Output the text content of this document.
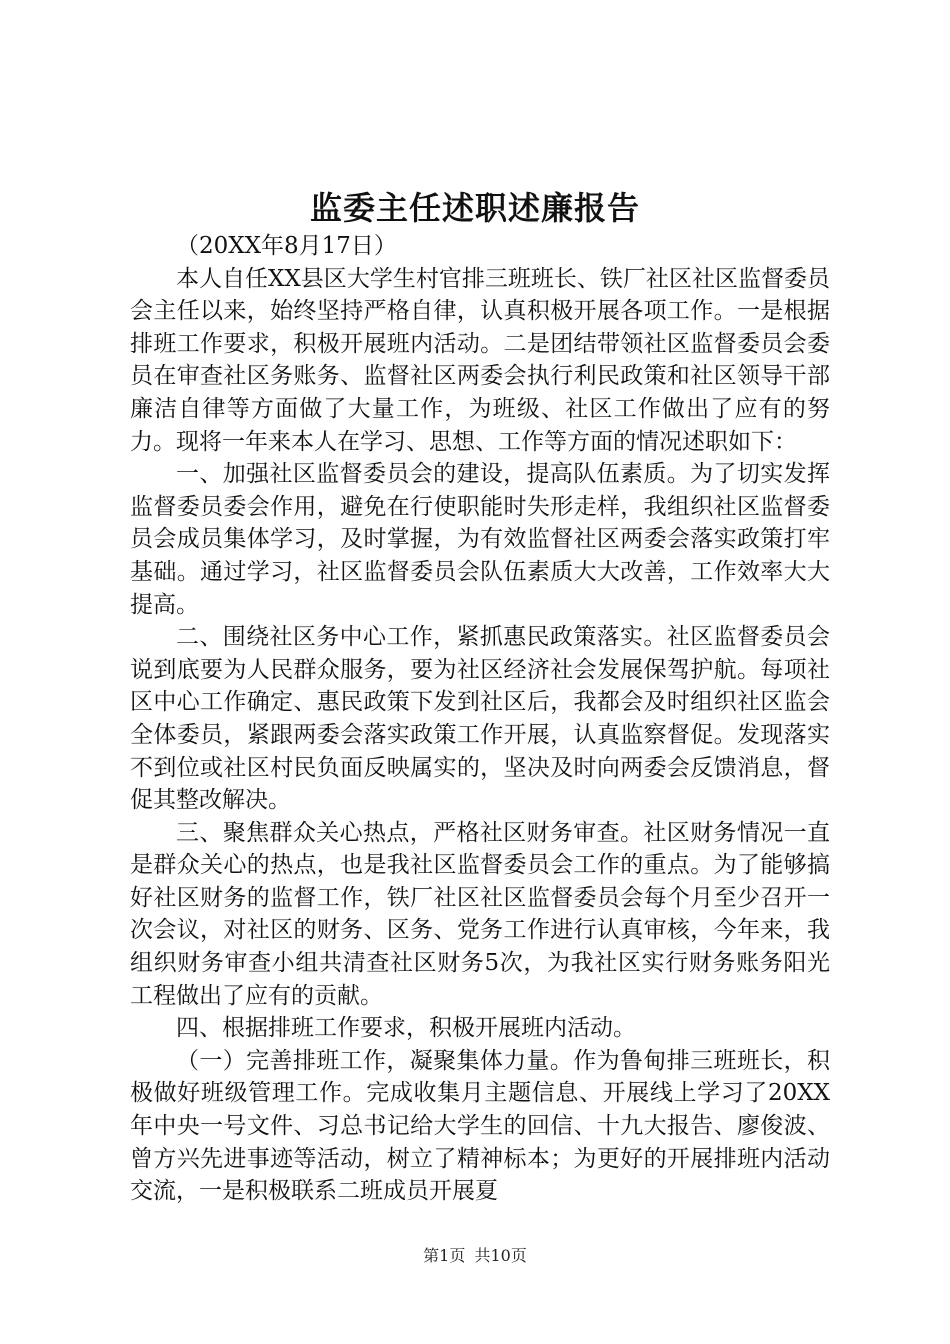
监委主任述职述廉报告

（20XX年8月17日）

本人自任XX县区大学生村官排三班班长、铁厂社区社区监督委员会主任以来，始终坚持严格自律，认真积极开展各项工作。一是根据排班工作要求，积极开展班内活动。二是团结带领社区监督委员会委员在审查社区务账务、监督社区两委会执行利民政策和社区领导干部廉洁自律等方面做了大量工作，为班级、社区工作做出了应有的努力。现将一年来本人在学习、思想、工作等方面的情况述职如下：

一、加强社区监督委员会的建设，提高队伍素质。为了切实发挥监督委员委会作用，避免在行使职能时失形走样，我组织社区监督委员会成员集体学习，及时掌握，为有效监督社区两委会落实政策打牢基础。通过学习，社区监督委员会队伍素质大大改善，工作效率大大提高。

二、围绕社区务中心工作，紧抓惠民政策落实。社区监督委员会说到底要为人民群众服务，要为社区经济社会发展保驾护航。每项社区中心工作确定、惠民政策下发到社区后，我都会及时组织社区监会全体委员，紧跟两委会落实政策工作开展，认真监察督促。发现落实不到位或社区村民负面反映属实的，坚决及时向两委会反馈消息，督促其整改解决。

三、聚焦群众关心热点，严格社区财务审查。社区财务情况一直是群众关心的热点，也是我社区监督委员会工作的重点。为了能够搞好社区财务的监督工作，铁厂社区社区监督委员会每个月至少召开一次会议，对社区的财务、区务、党务工作进行认真审核，今年来，我组织财务审查小组共清查社区财务5次，为我社区实行财务账务阳光工程做出了应有的贡献。

四、根据排班工作要求，积极开展班内活动。

（一）完善排班工作，凝聚集体力量。作为鲁甸排三班班长，积极做好班级管理工作。完成收集月主题信息、开展线上学习了20XX年中央一号文件、习总书记给大学生的回信、十九大报告、廖俊波、曾方兴先进事迹等活动，树立了精神标本；为更好的开展排班内活动交流，一是积极联系二班成员开展夏

第1页 共10页
